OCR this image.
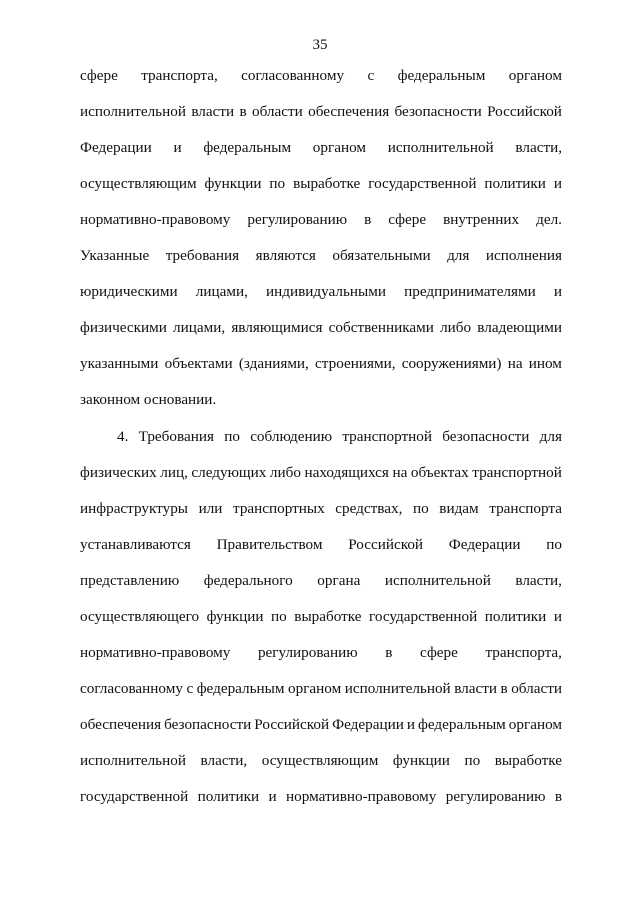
35
сфере транспорта, согласованному с федеральным органом
исполнительной власти в области обеспечения безопасности Российской
Федерации и федеральным органом исполнительной власти,
осуществляющим функции по выработке государственной политики и
нормативно-правовому регулированию в сфере внутренних дел.
Указанные требования являются обязательными для исполнения
юридическими лицами, индивидуальными предпринимателями и
физическими лицами, являющимися собственниками либо владеющими
указанными объектами (зданиями, строениями, сооружениями) на ином
законном основании.
4. Требования по соблюдению транспортной безопасности для
физических лиц, следующих либо находящихся на объектах транспортной
инфраструктуры или транспортных средствах, по видам транспорта
устанавливаются Правительством Российской Федерации по
представлению федерального органа исполнительной власти,
осуществляющего функции по выработке государственной политики и
нормативно-правовому регулированию в сфере транспорта,
согласованному с федеральным органом исполнительной власти в области
обеспечения безопасности Российской Федерации и федеральным органом
исполнительной власти, осуществляющим функции по выработке
государственной политики и нормативно-правовому регулированию в
